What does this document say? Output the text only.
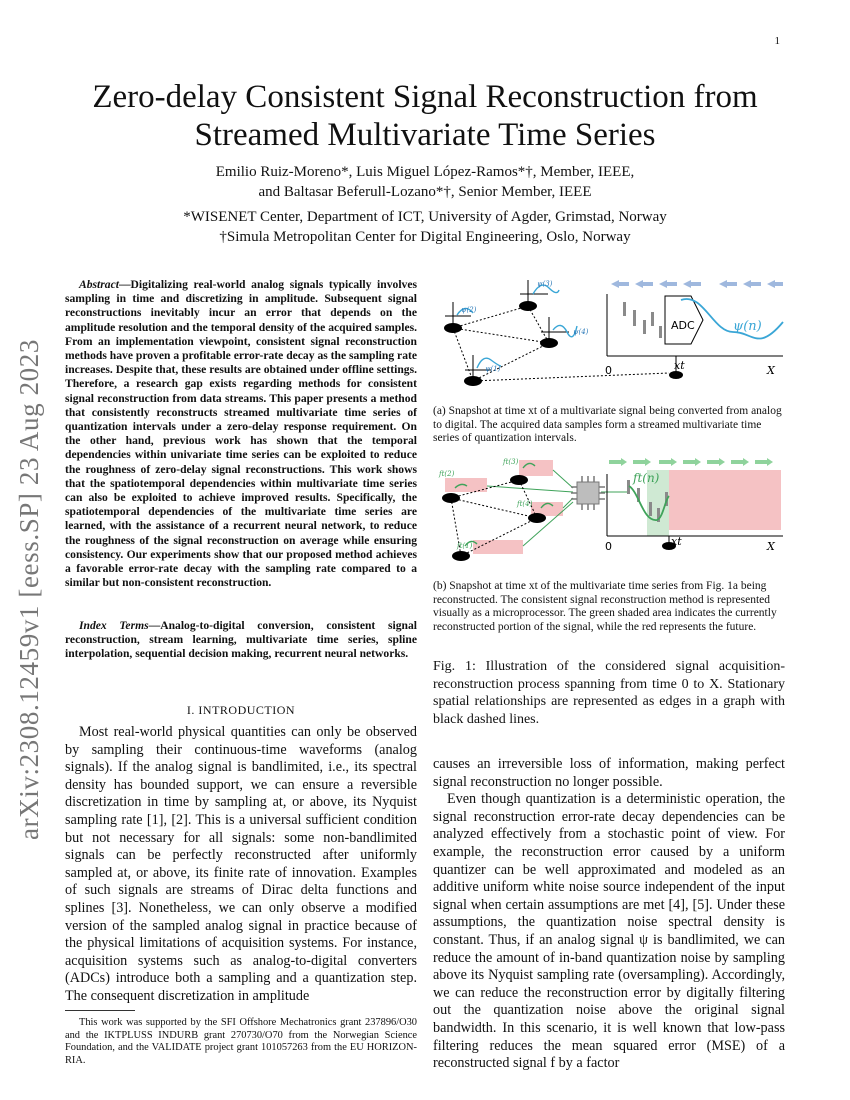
1
arXiv:2308.12459v1 [eess.SP] 23 Aug 2023
Zero-delay Consistent Signal Reconstruction from Streamed Multivariate Time Series
Emilio Ruiz-Moreno*, Luis Miguel López-Ramos*†, Member, IEEE,
and Baltasar Beferull-Lozano*†, Senior Member, IEEE
*WISENET Center, Department of ICT, University of Agder, Grimstad, Norway
†Simula Metropolitan Center for Digital Engineering, Oslo, Norway
Abstract—Digitalizing real-world analog signals typically involves sampling in time and discretizing in amplitude. Subsequent signal reconstructions inevitably incur an error that depends on the amplitude resolution and the temporal density of the acquired samples. From an implementation viewpoint, consistent signal reconstruction methods have proven a profitable error-rate decay as the sampling rate increases. Despite that, these results are obtained under offline settings. Therefore, a research gap exists regarding methods for consistent signal reconstruction from data streams. This paper presents a method that consistently reconstructs streamed multivariate time series of quantization intervals under a zero-delay response requirement. On the other hand, previous work has shown that the temporal dependencies within univariate time series can be exploited to reduce the roughness of zero-delay signal reconstructions. This work shows that the spatiotemporal dependencies within multivariate time series can also be exploited to achieve improved results. Specifically, the spatiotemporal dependencies of the multivariate time series are learned, with the assistance of a recurrent neural network, to reduce the roughness of the signal reconstruction on average while ensuring consistency. Our experiments show that our proposed method achieves a favorable error-rate decay with the sampling rate compared to a similar but non-consistent reconstruction.
Index Terms—Analog-to-digital conversion, consistent signal reconstruction, stream learning, multivariate time series, spline interpolation, sequential decision making, recurrent neural networks.
I. INTRODUCTION
Most real-world physical quantities can only be observed by sampling their continuous-time waveforms (analog signals). If the analog signal is bandlimited, i.e., its spectral density has bounded support, we can ensure a reversible discretization in time by sampling at, or above, its Nyquist sampling rate [1], [2]. This is a universal sufficient condition but not necessary for all signals: some non-bandlimited signals can be perfectly reconstructed after uniformly sampled at, or above, its finite rate of innovation. Examples of such signals are streams of Dirac delta functions and splines [3]. Nonetheless, we can only observe a modified version of the sampled analog signal in practice because of the physical limitations of acquisition systems. For instance, acquisition systems such as analog-to-digital converters (ADCs) introduce both a sampling and a quantization step. The consequent discretization in amplitude
This work was supported by the SFI Offshore Mechatronics grant 237896/O30 and the IKTPLUSS INDURB grant 270730/O70 from the Norwegian Science Foundation, and the VALIDATE project grant 101057263 from the EU HORIZON-RIA.
ψ(2)
ψ(3)
ψ(4)
ψ(1)
ADC	ψ(n)
0	xt	X
(a) Snapshot at time xt of a multivariate signal being converted from analog to digital. The acquired data samples form a streamed multivariate time series of quantization intervals.
ft(2)
ft(3)
ft(4)
ft(1)
ft(n)
0	xt	X
(b) Snapshot at time xt of the multivariate time series from Fig. 1a being reconstructed. The consistent signal reconstruction method is represented visually as a microprocessor. The green shaded area indicates the currently reconstructed portion of the signal, while the red represents the future.
Fig. 1: Illustration of the considered signal acquisition-reconstruction process spanning from time 0 to X. Stationary spatial relationships are represented as edges in a graph with black dashed lines.

causes an irreversible loss of information, making perfect signal reconstruction no longer possible.

Even though quantization is a deterministic operation, the signal reconstruction error-rate decay dependencies can be analyzed effectively from a stochastic point of view. For example, the reconstruction error caused by a uniform quantizer can be well approximated and modeled as an additive uniform white noise source independent of the input signal when certain assumptions are met [4], [5]. Under these assumptions, the quantization noise spectral density is constant. Thus, if an analog signal ψ is bandlimited, we can reduce the amount of in-band quantization noise by sampling above its Nyquist sampling rate (oversampling). Accordingly, we can reduce the reconstruction error by digitally filtering out the quantization noise above the original signal bandwidth. In this scenario, it is well known that low-pass filtering reduces the mean squared error (MSE) of a reconstructed signal f by a factor
